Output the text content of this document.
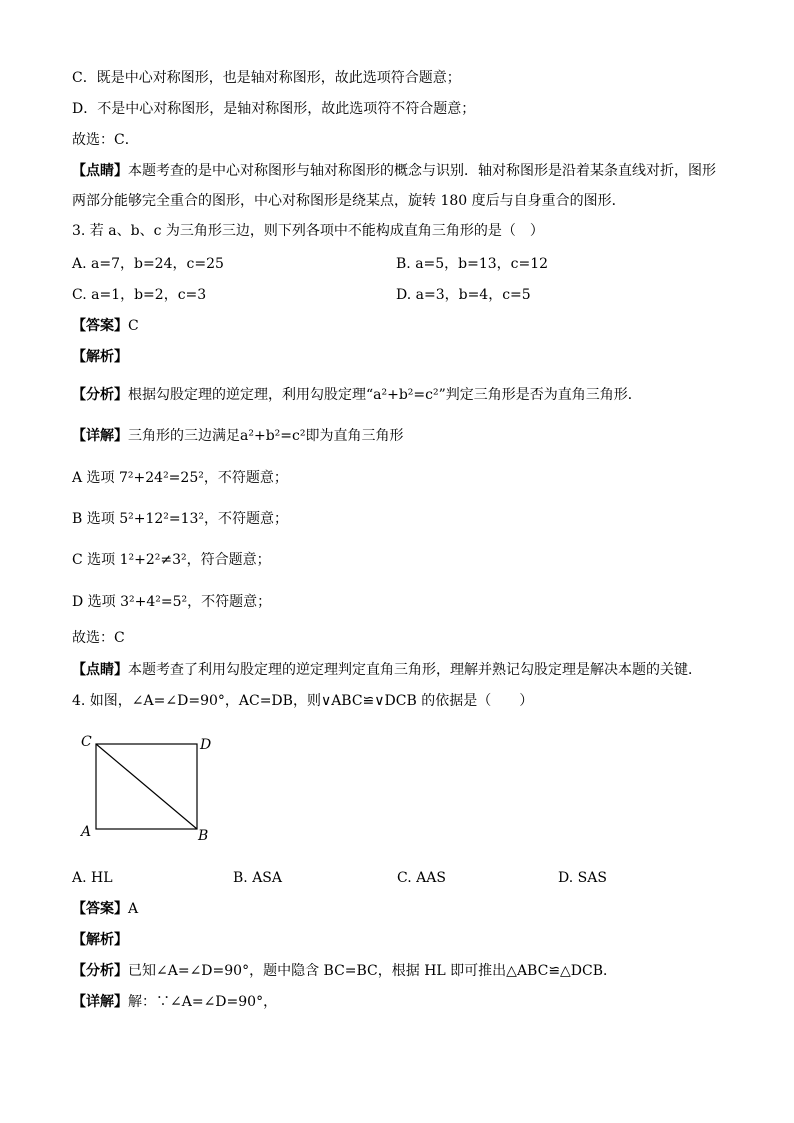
C．既是中心对称图形，也是轴对称图形，故此选项符合题意；
D．不是中心对称图形，是轴对称图形，故此选项符不符合题意；
故选：C．
【点睛】本题考查的是中心对称图形与轴对称图形的概念与识别．轴对称图形是沿着某条直线对折，图形两部分能够完全重合的图形，中心对称图形是绕某点，旋转 180 度后与自身重合的图形．
3. 若 a、b、c 为三角形三边，则下列各项中不能构成直角三角形的是（　）
A. a=7，b=24，c=25	B. a=5，b=13，c=12
C. a=1，b=2，c=3	D. a=3，b=4，c=5
【答案】C
【解析】
【分析】根据勾股定理的逆定理，利用勾股定理“a²+b²=c²”判定三角形是否为直角三角形．
【详解】三角形的三边满足a²+b²=c²即为直角三角形
A 选项 7²+24²=25²，不符题意；
B 选项 5²+12²=13²，不符题意；
C 选项 1²+2²≠3²，符合题意；
D 选项 3²+4²=5²，不符题意；
故选：C
【点睛】本题考查了利用勾股定理的逆定理判定直角三角形，理解并熟记勾股定理是解决本题的关键．
4. 如图，∠A=∠D=90°，AC=DB，则∨ABC≌∨DCB 的依据是（　　）
C	D
A	B
A. HL	B. ASA	C. AAS	D. SAS
【答案】A
【解析】
【分析】已知∠A=∠D=90°，题中隐含 BC=BC，根据 HL 即可推出△ABC≌△DCB．
【详解】解：∵∠A=∠D=90°，
